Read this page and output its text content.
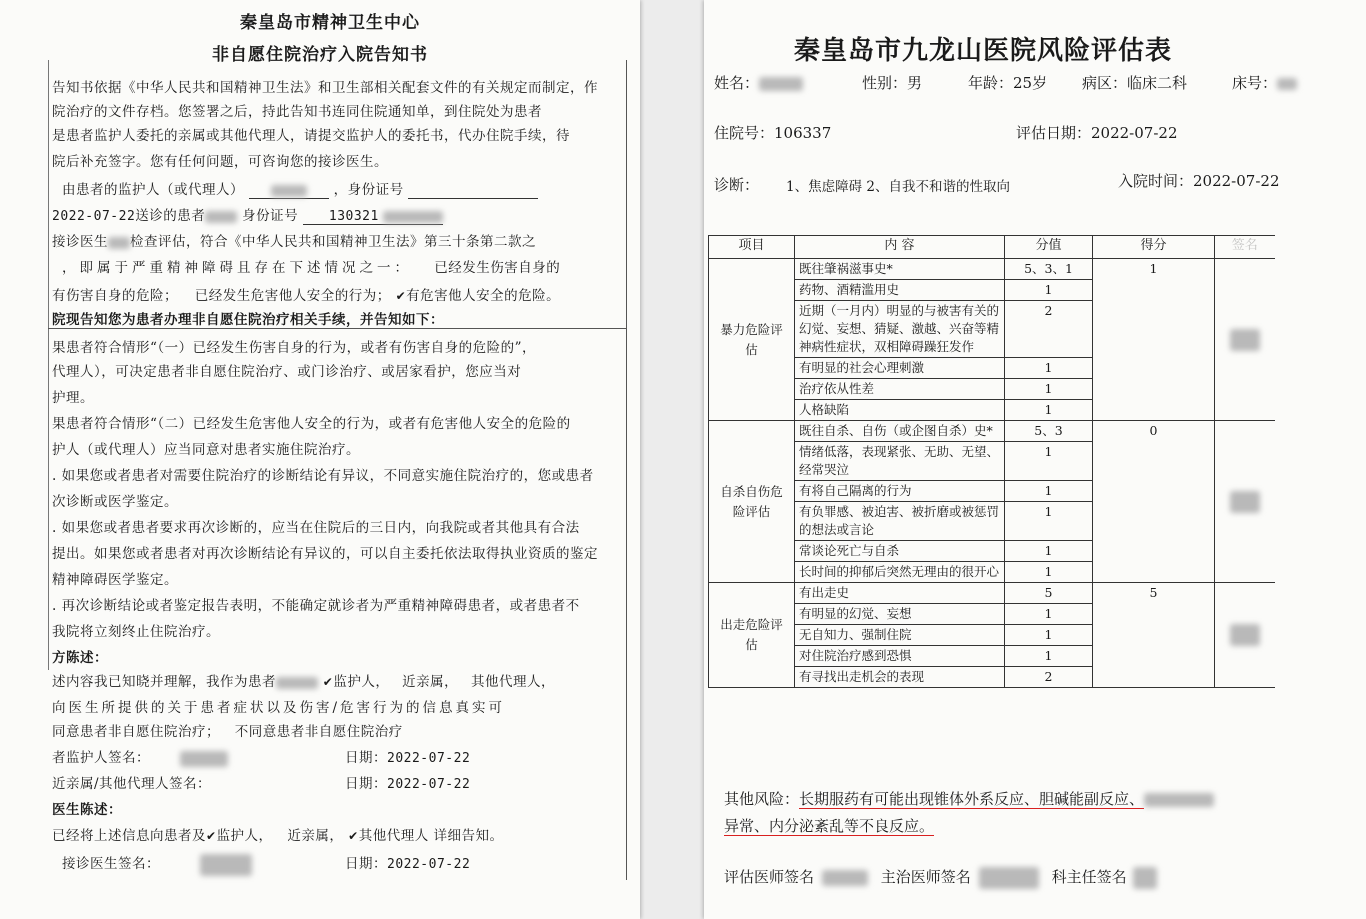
秦皇岛市精神卫生中心
非自愿住院治疗入院告知书
告知书依据《中华人民共和国精神卫生法》和卫生部相关配套文件的有关规定而制定，作
院治疗的文件存档。您签署之后，持此告知书连同住院通知单，到住院处为患者
是患者监护人委托的亲属或其他代理人，请提交监护人的委托书，代办住院手续，待
院后补充签字。您有任何问题，可咨询您的接诊医生。
由患者的监护人（或代理人）	，身份证号
2022-07-22送诊的患者	身份证号 130321
接诊医生 检查评估，符合《中华人民共和国精神卫生法》第三十条第二款之
，即属于严重精神障碍且存在下述情况之一： 已经发生伤害自身的
有伤害自身的危险； 已经发生危害他人安全的行为； ✔有危害他人安全的危险。
院现告知您为患者办理非自愿住院治疗相关手续，并告知如下：
果患者符合情形“（一）已经发生伤害自身的行为，或者有伤害自身的危险的”，
代理人），可决定患者非自愿住院治疗、或门诊治疗、或居家看护，您应当对
护理。
果患者符合情形“（二）已经发生危害他人安全的行为，或者有危害他人安全的危险的
护人（或代理人）应当同意对患者实施住院治疗。
. 如果您或者患者对需要住院治疗的诊断结论有异议，不同意实施住院治疗的，您或患者
次诊断或医学鉴定。
. 如果您或者患者要求再次诊断的，应当在住院后的三日内，向我院或者其他具有合法
提出。如果您或者患者对再次诊断结论有异议的，可以自主委托依法取得执业资质的鉴定
精神障碍医学鉴定。
. 再次诊断结论或者鉴定报告表明，不能确定就诊者为严重精神障碍患者，或者患者不
我院将立刻终止住院治疗。
方陈述：
述内容我已知晓并理解，我作为患者	✔监护人， 近亲属， 其他代理人，
向医生所提供的关于患者症状以及伤害/危害行为的信息真实可
同意患者非自愿住院治疗； 不同意患者非自愿住院治疗
者监护人签名：	日期：2022-07-22
近亲属/其他代理人签名：	日期：2022-07-22
医生陈述：
已经将上述信息向患者及✔监护人， 近亲属， ✔其他代理人 详细告知。
接诊医生签名：	日期：2022-07-22
秦皇岛市九龙山医院风险评估表
姓名：	性别：男	年龄：25岁 病区：临床二科	床号：
住院号：106337	评估日期：2022-07-22
诊断： 1、焦虑障碍 2、自我不和谐的性取向	入院时间：2022-07-22
项目	内 容	分值	得分	签名
暴力危险评估	既往肇祸滋事史*	5、3、1	1	
	药物、酒精滥用史	1		
	近期（一月内）明显的与被害有关的幻觉、妄想、猜疑、激越、兴奋等精神病性症状，双相障碍躁狂发作	2		
	有明显的社会心理刺激	1		
	治疗依从性差	1		
	人格缺陷	1		
自杀自伤危险评估	既往自杀、自伤（或企图自杀）史*	5、3	0	
	情绪低落，表现紧张、无助、无望、经常哭泣	1		
	有将自己隔离的行为	1		
	有负罪感、被迫害、被折磨或被惩罚的想法或言论	1		
	常谈论死亡与自杀	1		
	长时间的抑郁后突然无理由的很开心	1		
出走危险评估	有出走史	5	5	
	有明显的幻觉、妄想	1		
	无自知力、强制住院	1		
	对住院治疗感到恐惧	1		
	有寻找出走机会的表现	2		
其他风险：长期服药有可能出现锥体外系反应、胆碱能副反应、
异常、内分泌紊乱等不良反应。
评估医师签名	主治医师签名	科主任签名
